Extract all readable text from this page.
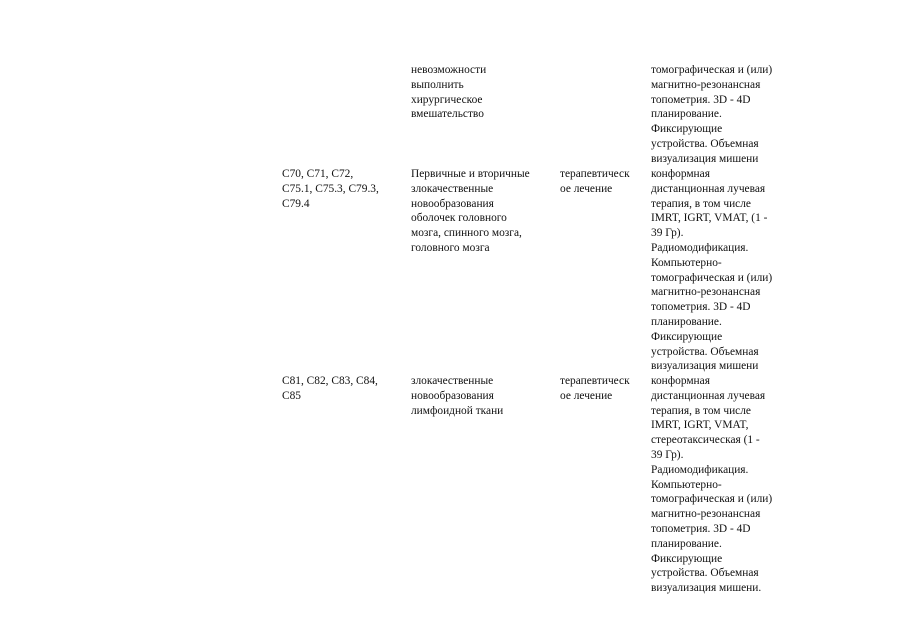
невозможности
выполнить
хирургическое
вмешательство
томографическая и (или)
магнитно-резонансная
топометрия. 3D - 4D
планирование.
Фиксирующие
устройства. Объемная
визуализация мишени
C70, C71, C72,
C75.1, C75.3, C79.3,
C79.4
Первичные и вторичные
злокачественные
новообразования
оболочек головного
мозга, спинного мозга,
головного мозга
терапевтическ
ое лечение
конформная
дистанционная лучевая
терапия, в том числе
IMRT, IGRT, VMAT, (1 -
39 Гр).
Радиомодификация.
Компьютерно-
томографическая и (или)
магнитно-резонансная
топометрия. 3D - 4D
планирование.
Фиксирующие
устройства. Объемная
визуализация мишени
C81, C82, C83, C84,
C85
злокачественные
новообразования
лимфоидной ткани
терапевтическ
ое лечение
конформная
дистанционная лучевая
терапия, в том числе
IMRT, IGRT, VMAT,
стереотаксическая (1 -
39 Гр).
Радиомодификация.
Компьютерно-
томографическая и (или)
магнитно-резонансная
топометрия. 3D - 4D
планирование.
Фиксирующие
устройства. Объемная
визуализация мишени.
